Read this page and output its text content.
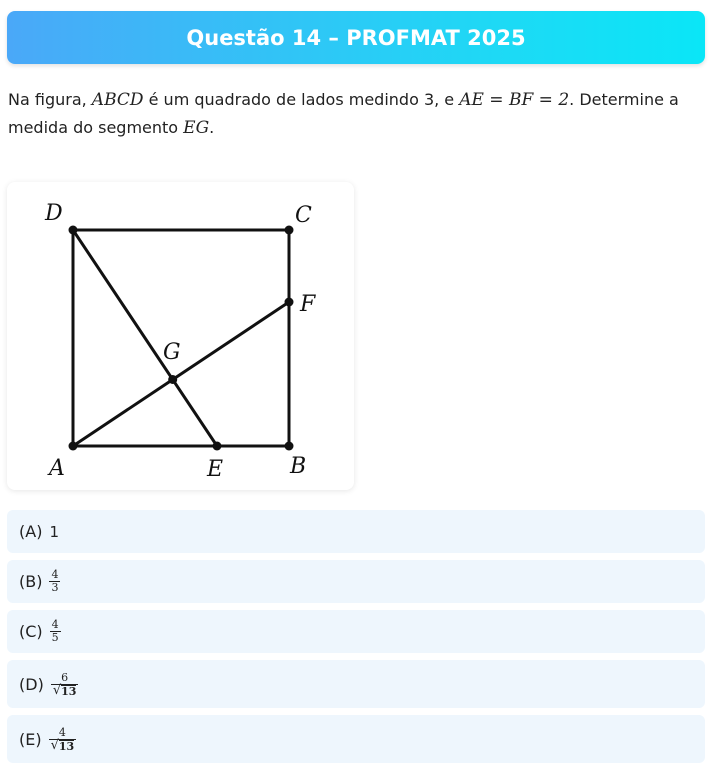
Questão 14 – PROFMAT 2025

Na figura, ABCD é um quadrado de lados medindo 3, e AE = BF = 2. Determine a medida do segmento EG.

D	C
F
G
A	E	B
(A) 1
$(B) \frac{4}{3}$
$(C) \frac{4}{5}$
$(D) \frac{6}{√ 13}$
$(E) \frac{4}{√ 13}$
